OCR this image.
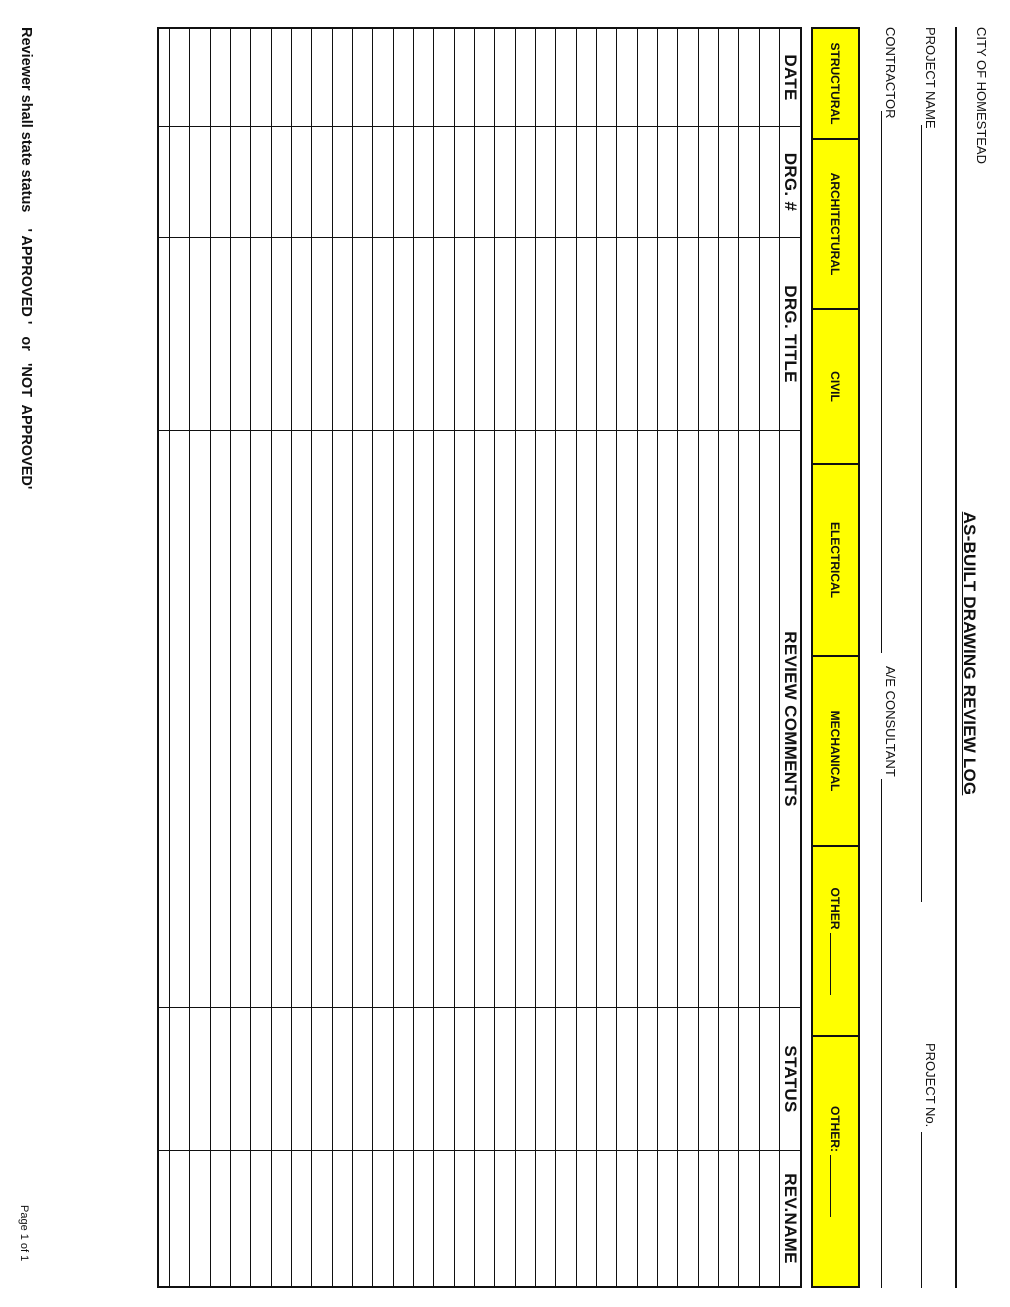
CITY OF HOMESTEAD
AS-BUILT DRAWING REVIEW LOG
PROJECT NAME
PROJECT No.
CONTRACTOR
A/E CONSULTANT
STRUCTURAL
ARCHITECTURAL
CIVIL
ELECTRICAL
MECHANICAL
OTHER
OTHER:
DATE
DRG. #
DRG. TITLE
REVIEW COMMENTS
STATUS
REV.NAME
Reviewer shall state status    ' APPROVED '   or   'NOT  APPROVED'
Page 1 of 1
